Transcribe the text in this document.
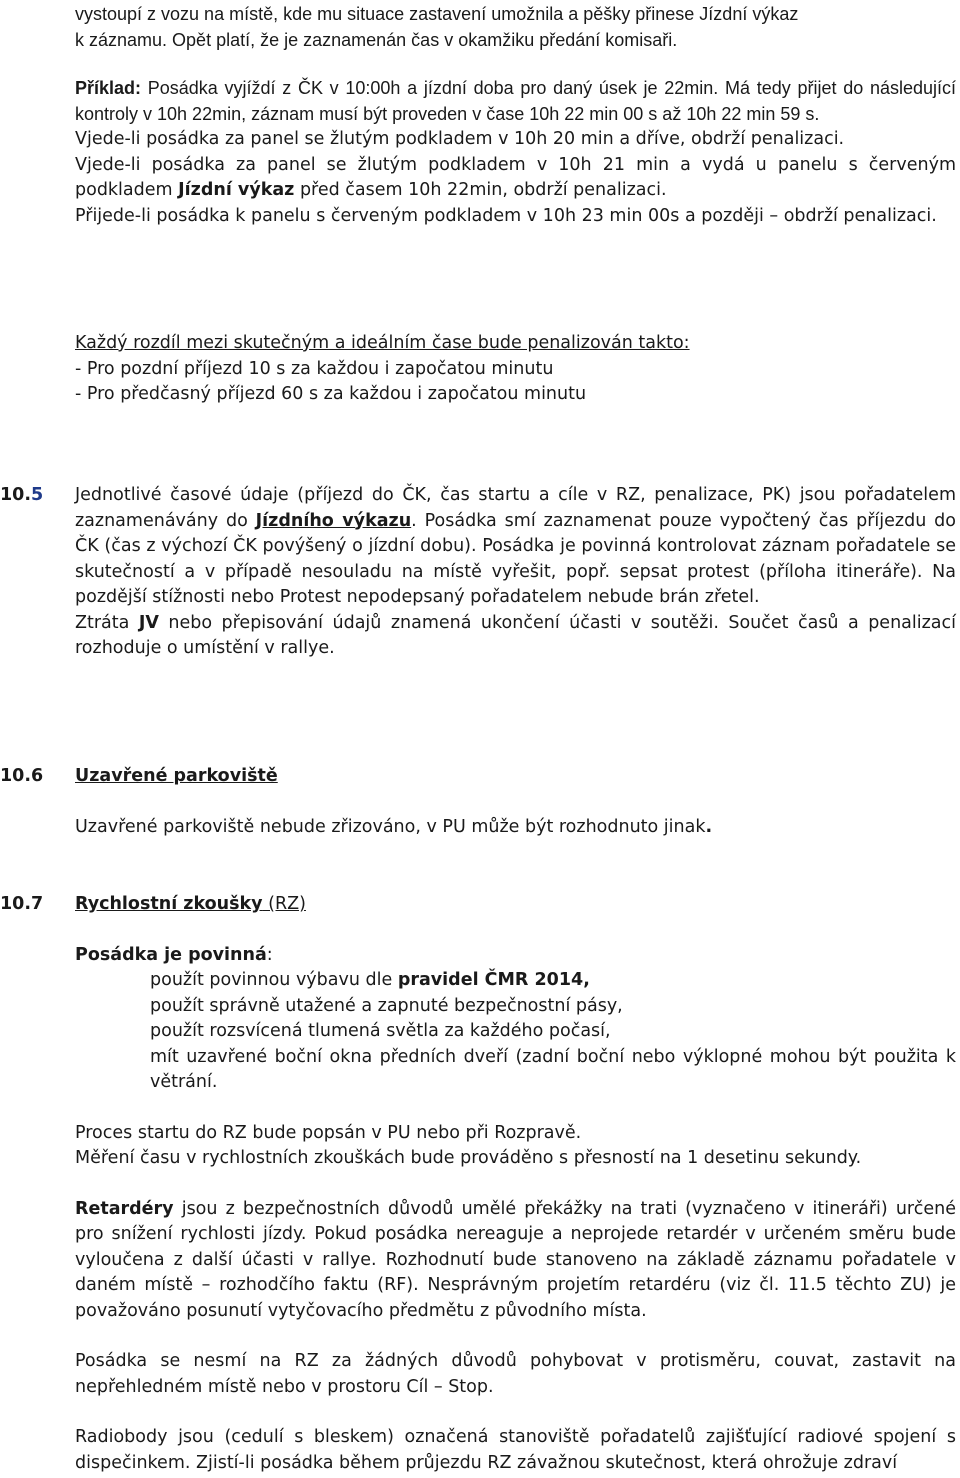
vystoupí z vozu na místě, kde mu situace zastavení umožnila a pěšky přinese Jízdní výkaz

k záznamu. Opět platí, že je zaznamenán čas v okamžiku předání komisaři.

Příklad: Posádka vyjíždí z ČK v 10:00h a jízdní doba pro daný úsek je 22min. Má tedy přijet do následující kontroly v 10h 22min, záznam musí být proveden v čase 10h 22 min 00 s až 10h 22 min 59 s.

Vjede-li posádka za panel se žlutým podkladem v 10h 20 min a dříve, obdrží penalizaci.

Vjede-li posádka za panel se žlutým podkladem v 10h 21 min a vydá u panelu s červeným podkladem Jízdní výkaz před časem 10h 22min, obdrží penalizaci.

Přijede-li posádka k panelu s červeným podkladem v 10h 23 min 00s a později – obdrží penalizaci.

Každý rozdíl mezi skutečným a ideálním čase bude penalizován takto:

- Pro pozdní příjezd 10 s za každou i započatou minutu

- Pro předčasný příjezd 60 s za každou i započatou minutu

10.5	Jednotlivé časové údaje (příjezd do ČK, čas startu a cíle v RZ, penalizace, PK) jsou pořadatelem zaznamenávány do Jízdního výkazu. Posádka smí zaznamenat pouze vypočtený čas příjezdu do ČK (čas z výchozí ČK povýšený o jízdní dobu). Posádka je povinná kontrolovat záznam pořadatele se skutečností a v případě nesouladu na místě vyřešit, popř. sepsat protest (příloha itineráře). Na pozdější stížnosti nebo Protest nepodepsaný pořadatelem nebude brán zřetel.

Ztráta JV nebo přepisování údajů znamená ukončení účasti v soutěži. Součet časů a penalizací rozhoduje o umístění v rallye.

10.6	Uzavřené parkoviště

Uzavřené parkoviště nebude zřizováno, v PU může být rozhodnuto jinak.

10.7	Rychlostní zkoušky (RZ)

Posádka je povinná:

použít povinnou výbavu dle pravidel ČMR 2014,

použít správně utažené a zapnuté bezpečnostní pásy,

použít rozsvícená tlumená světla za každého počasí,

mít uzavřené boční okna předních dveří (zadní boční nebo výklopné mohou být použita k větrání.

Proces startu do RZ bude popsán v PU nebo při Rozpravě.

Měření času v rychlostních zkouškách bude prováděno s přesností na 1 desetinu sekundy.

Retardéry jsou z bezpečnostních důvodů umělé překážky na trati (vyznačeno v itineráři) určené pro snížení rychlosti jízdy. Pokud posádka nereaguje a neprojede retardér v určeném směru bude vyloučena z další účasti v rallye. Rozhodnutí bude stanoveno na základě záznamu pořadatele v daném místě – rozhodčího faktu (RF). Nesprávným projetím retardéru (viz čl. 11.5 těchto ZU) je považováno posunutí vytyčovacího předmětu z původního místa.

Posádka se nesmí na RZ za žádných důvodů pohybovat v protisměru, couvat, zastavit na nepřehledném místě nebo v prostoru Cíl – Stop.

Radiobody jsou (cedulí s bleskem) označená stanoviště pořadatelů zajišťující radiové spojení s dispečinkem. Zjistí-li posádka během průjezdu RZ závažnou skutečnost, která ohrožuje zdraví
